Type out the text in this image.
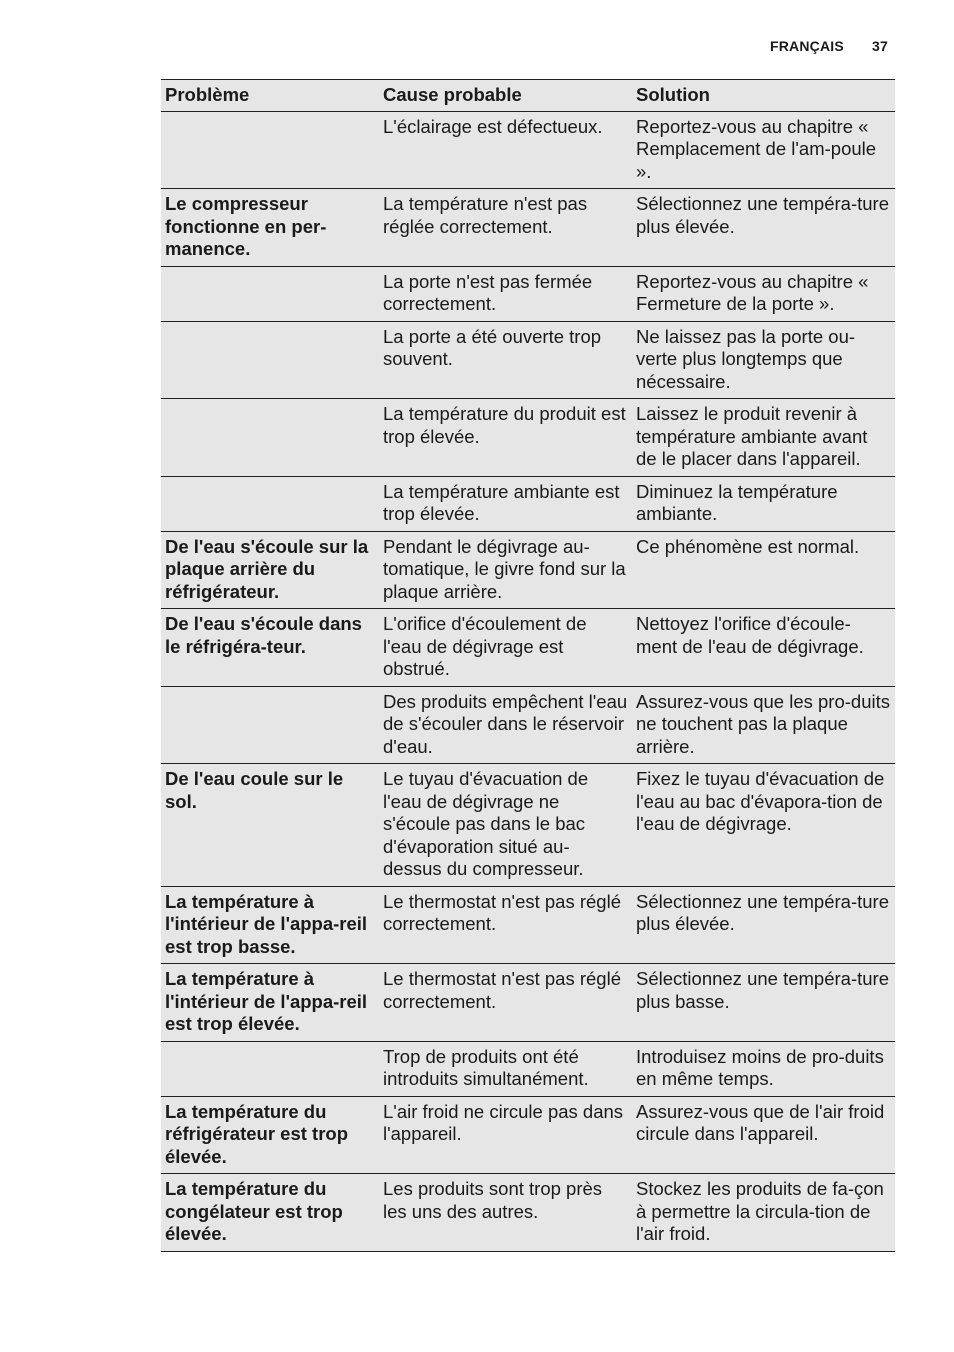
FRANÇAIS 37
Problème	Cause probable	Solution
	L'éclairage est défectueux.	Reportez-vous au chapitre « Remplacement de l'am-poule ».
Le compresseur fonctionne en per-manence.	La température n'est pas réglée correctement.	Sélectionnez une tempéra-ture plus élevée.
	La porte n'est pas fermée correctement.	Reportez-vous au chapitre « Fermeture de la porte ».
	La porte a été ouverte trop souvent.	Ne laissez pas la porte ou-verte plus longtemps que nécessaire.
	La température du produit est trop élevée.	Laissez le produit revenir à température ambiante avant de le placer dans l'appareil.
	La température ambiante est trop élevée.	Diminuez la température ambiante.
De l'eau s'écoule sur la plaque arrière du réfrigérateur.	Pendant le dégivrage au-tomatique, le givre fond sur la plaque arrière.	Ce phénomène est normal.
De l'eau s'écoule dans le réfrigéra-teur.	L'orifice d'écoulement de l'eau de dégivrage est obstrué.	Nettoyez l'orifice d'écoule-ment de l'eau de dégivrage.
	Des produits empêchent l'eau de s'écouler dans le réservoir d'eau.	Assurez-vous que les pro-duits ne touchent pas la plaque arrière.
De l'eau coule sur le sol.	Le tuyau d'évacuation de l'eau de dégivrage ne s'écoule pas dans le bac d'évaporation situé au-dessus du compresseur.	Fixez le tuyau d'évacuation de l'eau au bac d'évapora-tion de l'eau de dégivrage.
La température à l'intérieur de l'appa-reil est trop basse.	Le thermostat n'est pas réglé correctement.	Sélectionnez une tempéra-ture plus élevée.
La température à l'intérieur de l'appa-reil est trop élevée.	Le thermostat n'est pas réglé correctement.	Sélectionnez une tempéra-ture plus basse.
	Trop de produits ont été introduits simultanément.	Introduisez moins de pro-duits en même temps.
La température du réfrigérateur est trop élevée.	L'air froid ne circule pas dans l'appareil.	Assurez-vous que de l'air froid circule dans l'appareil.
La température du congélateur est trop élevée.	Les produits sont trop près les uns des autres.	Stockez les produits de fa-çon à permettre la circula-tion de l'air froid.
